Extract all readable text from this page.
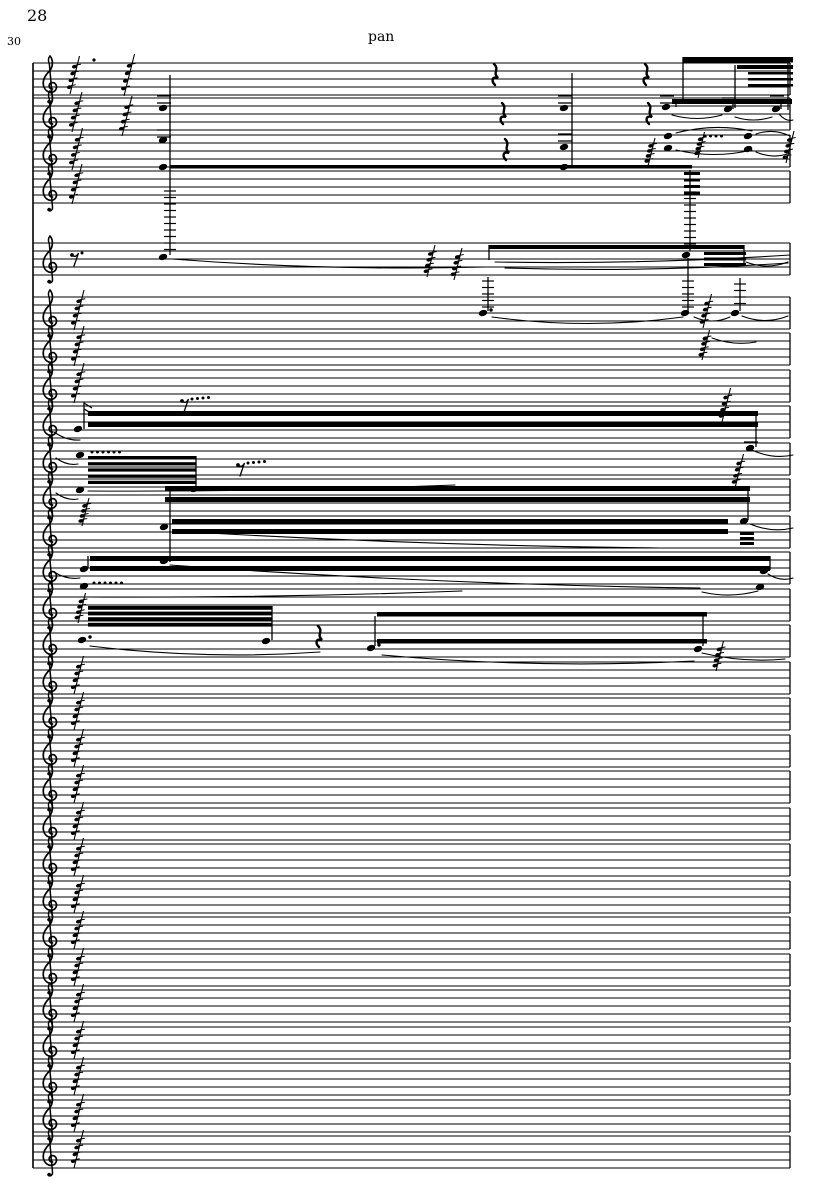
28
30	pan
